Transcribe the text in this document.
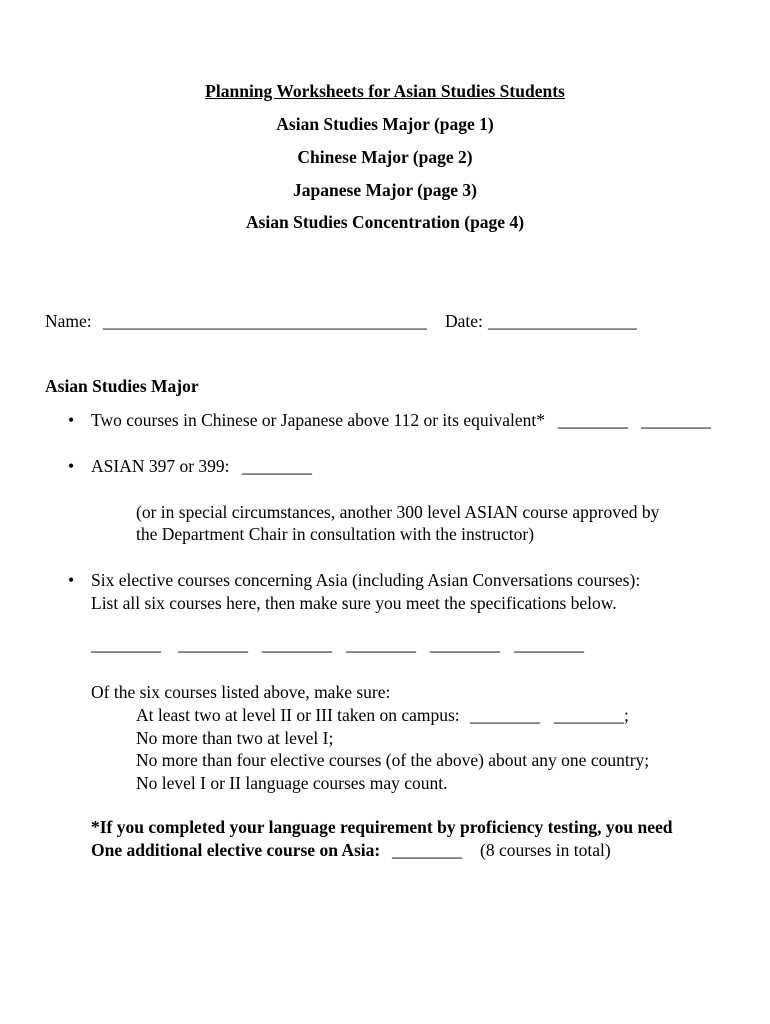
Planning Worksheets for Asian Studies Students
Asian Studies Major (page 1)
Chinese Major (page 2)
Japanese Major (page 3)
Asian Studies Concentration (page 4)
Name: _____________________________________ Date: _________________
Asian Studies Major
• Two courses in Chinese or Japanese above 112 or its equivalent* ________ ________
• ASIAN 397 or 399: ________
(or in special circumstances, another 300 level ASIAN course approved by
the Department Chair in consultation with the instructor)
• Six elective courses concerning Asia (including Asian Conversations courses):
List all six courses here, then make sure you meet the specifications below.
________ ________ ________ ________ ________ ________
Of the six courses listed above, make sure:
At least two at level II or III taken on campus: ________ ________ ;
No more than two at level I;
No more than four elective courses (of the above) about any one country;
No level I or II language courses may count.
*If you completed your language requirement by proficiency testing, you need
One additional elective course on Asia: ________ (8 courses in total)
